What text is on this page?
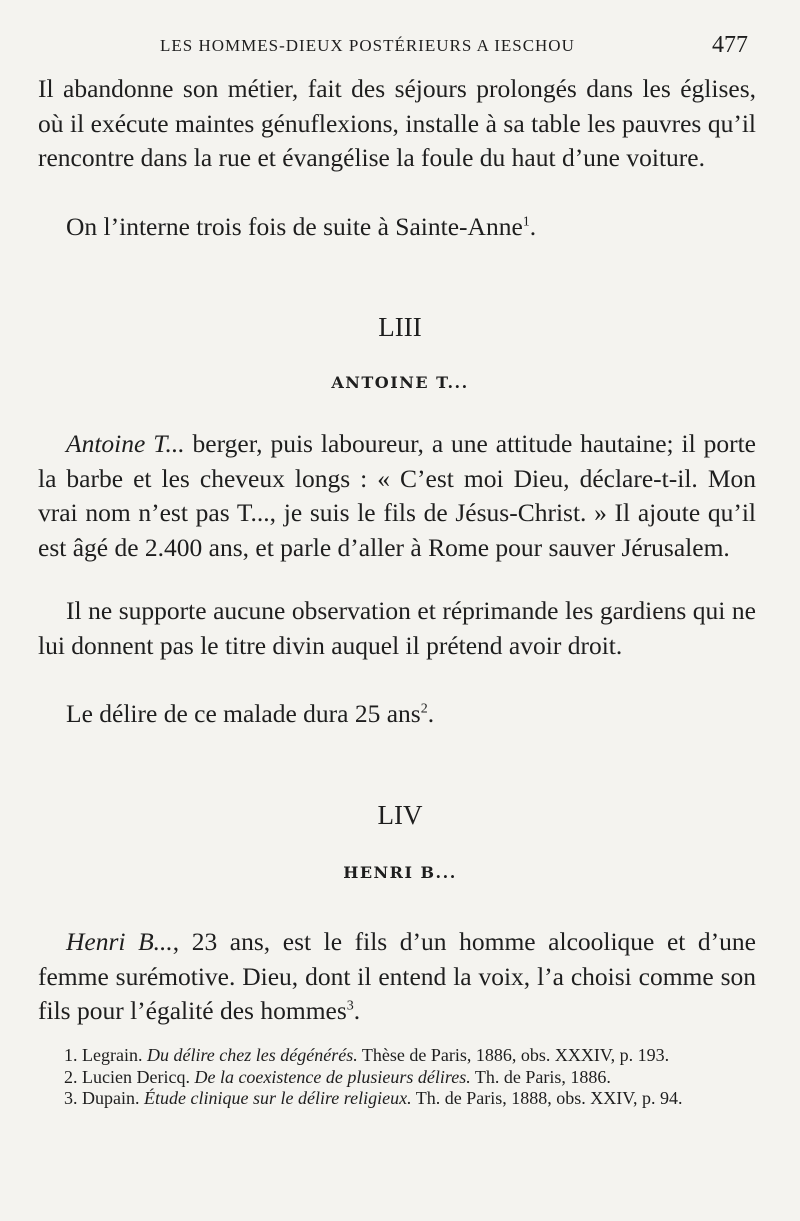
LES HOMMES-DIEUX POSTÉRIEURS A IESCHOU	477

Il abandonne son métier, fait des séjours prolongés dans les églises, où il exécute maintes génuflexions, installe à sa table les pauvres qu’il rencontre dans la rue et évangélise la foule du haut d’une voiture.

On l’interne trois fois de suite à Sainte-Anne$^1$.

LIII
ANTOINE T...

Antoine T... berger, puis laboureur, a une attitude hautaine; il porte la barbe et les cheveux longs : « C’est moi Dieu, déclare-t-il. Mon vrai nom n’est pas T..., je suis le fils de Jésus-Christ. » Il ajoute qu’il est âgé de 2.400 ans, et parle d’aller à Rome pour sauver Jérusalem.

Il ne supporte aucune observation et réprimande les gardiens qui ne lui donnent pas le titre divin auquel il prétend avoir droit.

Le délire de ce malade dura 25 ans$^2$.

LIV
HENRI B...

Henri B..., 23 ans, est le fils d’un homme alcoolique et d’une femme surémotive. Dieu, dont il entend la voix, l’a choisi comme son fils pour l’égalité des hommes$^3$.

1. Legrain. Du délire chez les dégénérés. Thèse de Paris, 1886, obs. XXXIV, p. 193.

2. Lucien Dericq. De la coexistence de plusieurs délires. Th. de Paris, 1886.

3. Dupain. Étude clinique sur le délire religieux. Th. de Paris, 1888, obs. XXIV, p. 94.
